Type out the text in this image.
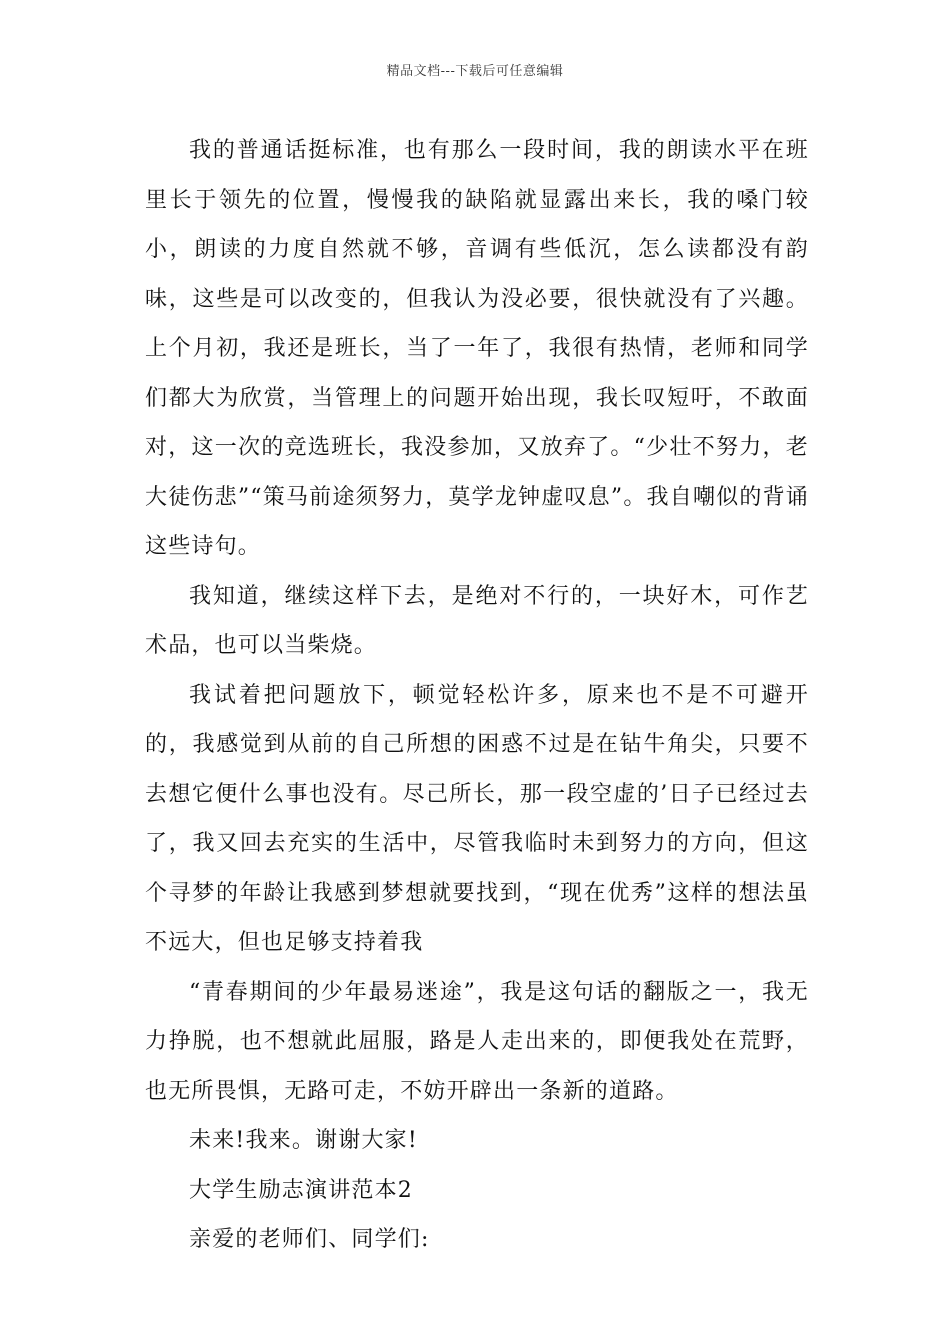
精品文档---下载后可任意编辑

我的普通话挺标准，也有那么一段时间，我的朗读水平在班里长于领先的位置，慢慢我的缺陷就显露出来长，我的嗓门较小，朗读的力度自然就不够，音调有些低沉，怎么读都没有韵味，这些是可以改变的，但我认为没必要，很快就没有了兴趣。上个月初，我还是班长，当了一年了，我很有热情，老师和同学们都大为欣赏，当管理上的问题开始出现，我长叹短吁，不敢面对，这一次的竞选班长，我没参加，又放弃了。“少壮不努力，老大徒伤悲”“策马前途须努力，莫学龙钟虚叹息”。我自嘲似的背诵这些诗句。

我知道，继续这样下去，是绝对不行的，一块好木，可作艺术品，也可以当柴烧。

我试着把问题放下，顿觉轻松许多，原来也不是不可避开的，我感觉到从前的自己所想的困惑不过是在钻牛角尖，只要不去想它便什么事也没有。尽己所长，那一段空虚的’日子已经过去了，我又回去充实的生活中，尽管我临时未到努力的方向，但这个寻梦的年龄让我感到梦想就要找到，“现在优秀”这样的想法虽不远大，但也足够支持着我

“青春期间的少年最易迷途”，我是这句话的翻版之一，我无力挣脱，也不想就此屈服，路是人走出来的，即便我处在荒野，也无所畏惧，无路可走，不妨开辟出一条新的道路。

未来!我来。谢谢大家!

大学生励志演讲范本2

亲爱的老师们、同学们:
